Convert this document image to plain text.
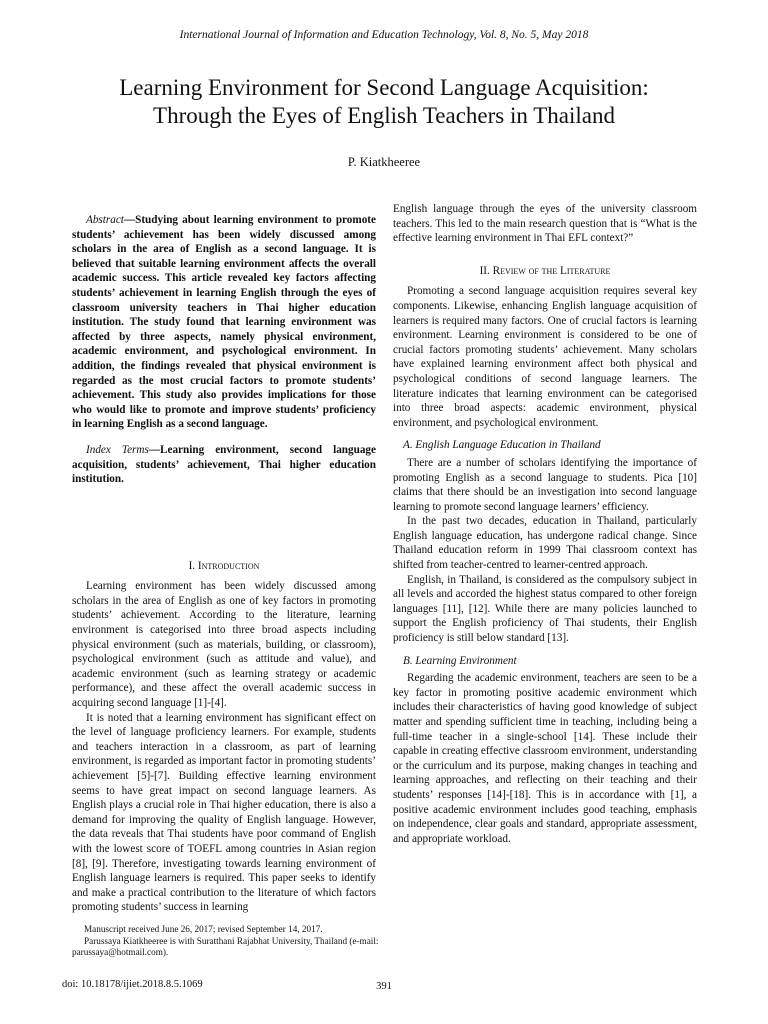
International Journal of Information and Education Technology, Vol. 8, No. 5, May 2018
Learning Environment for Second Language Acquisition:
Through the Eyes of English Teachers in Thailand
P. Kiatkheeree

Abstract—Studying about learning environment to promote students’ achievement has been widely discussed among scholars in the area of English as a second language. It is believed that suitable learning environment affects the overall academic success. This article revealed key factors affecting students’ achievement in learning English through the eyes of classroom university teachers in Thai higher education institution. The study found that learning environment was affected by three aspects, namely physical environment, academic environment, and psychological environment. In addition, the findings revealed that physical environment is regarded as the most crucial factors to promote students’ achievement. This study also provides implications for those who would like to promote and improve students’ proficiency in learning English as a second language.

Index Terms—Learning environment, second language acquisition, students’ achievement, Thai higher education institution.

I. Introduction

Learning environment has been widely discussed among scholars in the area of English as one of key factors in promoting students’ achievement. According to the literature, learning environment is categorised into three broad aspects including physical environment (such as materials, building, or classroom), psychological environment (such as attitude and value), and academic environment (such as learning strategy or academic performance), and these affect the overall academic success in acquiring second language [1]-[4].

It is noted that a learning environment has significant effect on the level of language proficiency learners. For example, students and teachers interaction in a classroom, as part of learning environment, is regarded as important factor in promoting students’ achievement [5]-[7]. Building effective learning environment seems to have great impact on second language learners. As English plays a crucial role in Thai higher education, there is also a demand for improving the quality of English language. However, the data reveals that Thai students have poor command of English with the lowest score of TOEFL among countries in Asian region [8], [9]. Therefore, investigating towards learning environment of English language learners is required. This paper seeks to identify and make a practical contribution to the literature of which factors promoting students’ success in learning

English language through the eyes of the university classroom teachers. This led to the main research question that is “What is the effective learning environment in Thai EFL context?”

II. Review of the Literature

Promoting a second language acquisition requires several key components. Likewise, enhancing English language acquisition of learners is required many factors. One of crucial factors is learning environment. Learning environment is considered to be one of crucial factors promoting students’ achievement. Many scholars have explained learning environment affect both physical and psychological conditions of second language learners. The literature indicates that learning environment can be categorised into three broad aspects: academic environment, physical environment, and psychological environment.

A. English Language Education in Thailand

There are a number of scholars identifying the importance of promoting English as a second language to students. Pica [10] claims that there should be an investigation into second language learning to promote second language learners’ efficiency.

In the past two decades, education in Thailand, particularly English language education, has undergone radical change. Since Thailand education reform in 1999 Thai classroom context has shifted from teacher-centred to learner-centred approach.

English, in Thailand, is considered as the compulsory subject in all levels and accorded the highest status compared to other foreign languages [11], [12]. While there are many policies launched to support the English proficiency of Thai students, their English proficiency is still below standard [13].

B. Learning Environment

Regarding the academic environment, teachers are seen to be a key factor in promoting positive academic environment which includes their characteristics of having good knowledge of subject matter and spending sufficient time in teaching, including being a full-time teacher in a single-school [14]. These include their capable in creating effective classroom environment, understanding or the curriculum and its purpose, making changes in teaching and learning approaches, and reflecting on their teaching and their students’ responses [14]-[18]. This is in accordance with [1], a positive academic environment includes good teaching, emphasis on independence, clear goals and standard, appropriate assessment, and appropriate workload.

Manuscript received June 26, 2017; revised September 14, 2017.

Parussaya Kiatkheeree is with Suratthani Rajabhat University, Thailand (e-mail: parussaya@hotmail.com).

doi: 10.18178/ijiet.2018.8.5.1069	391
